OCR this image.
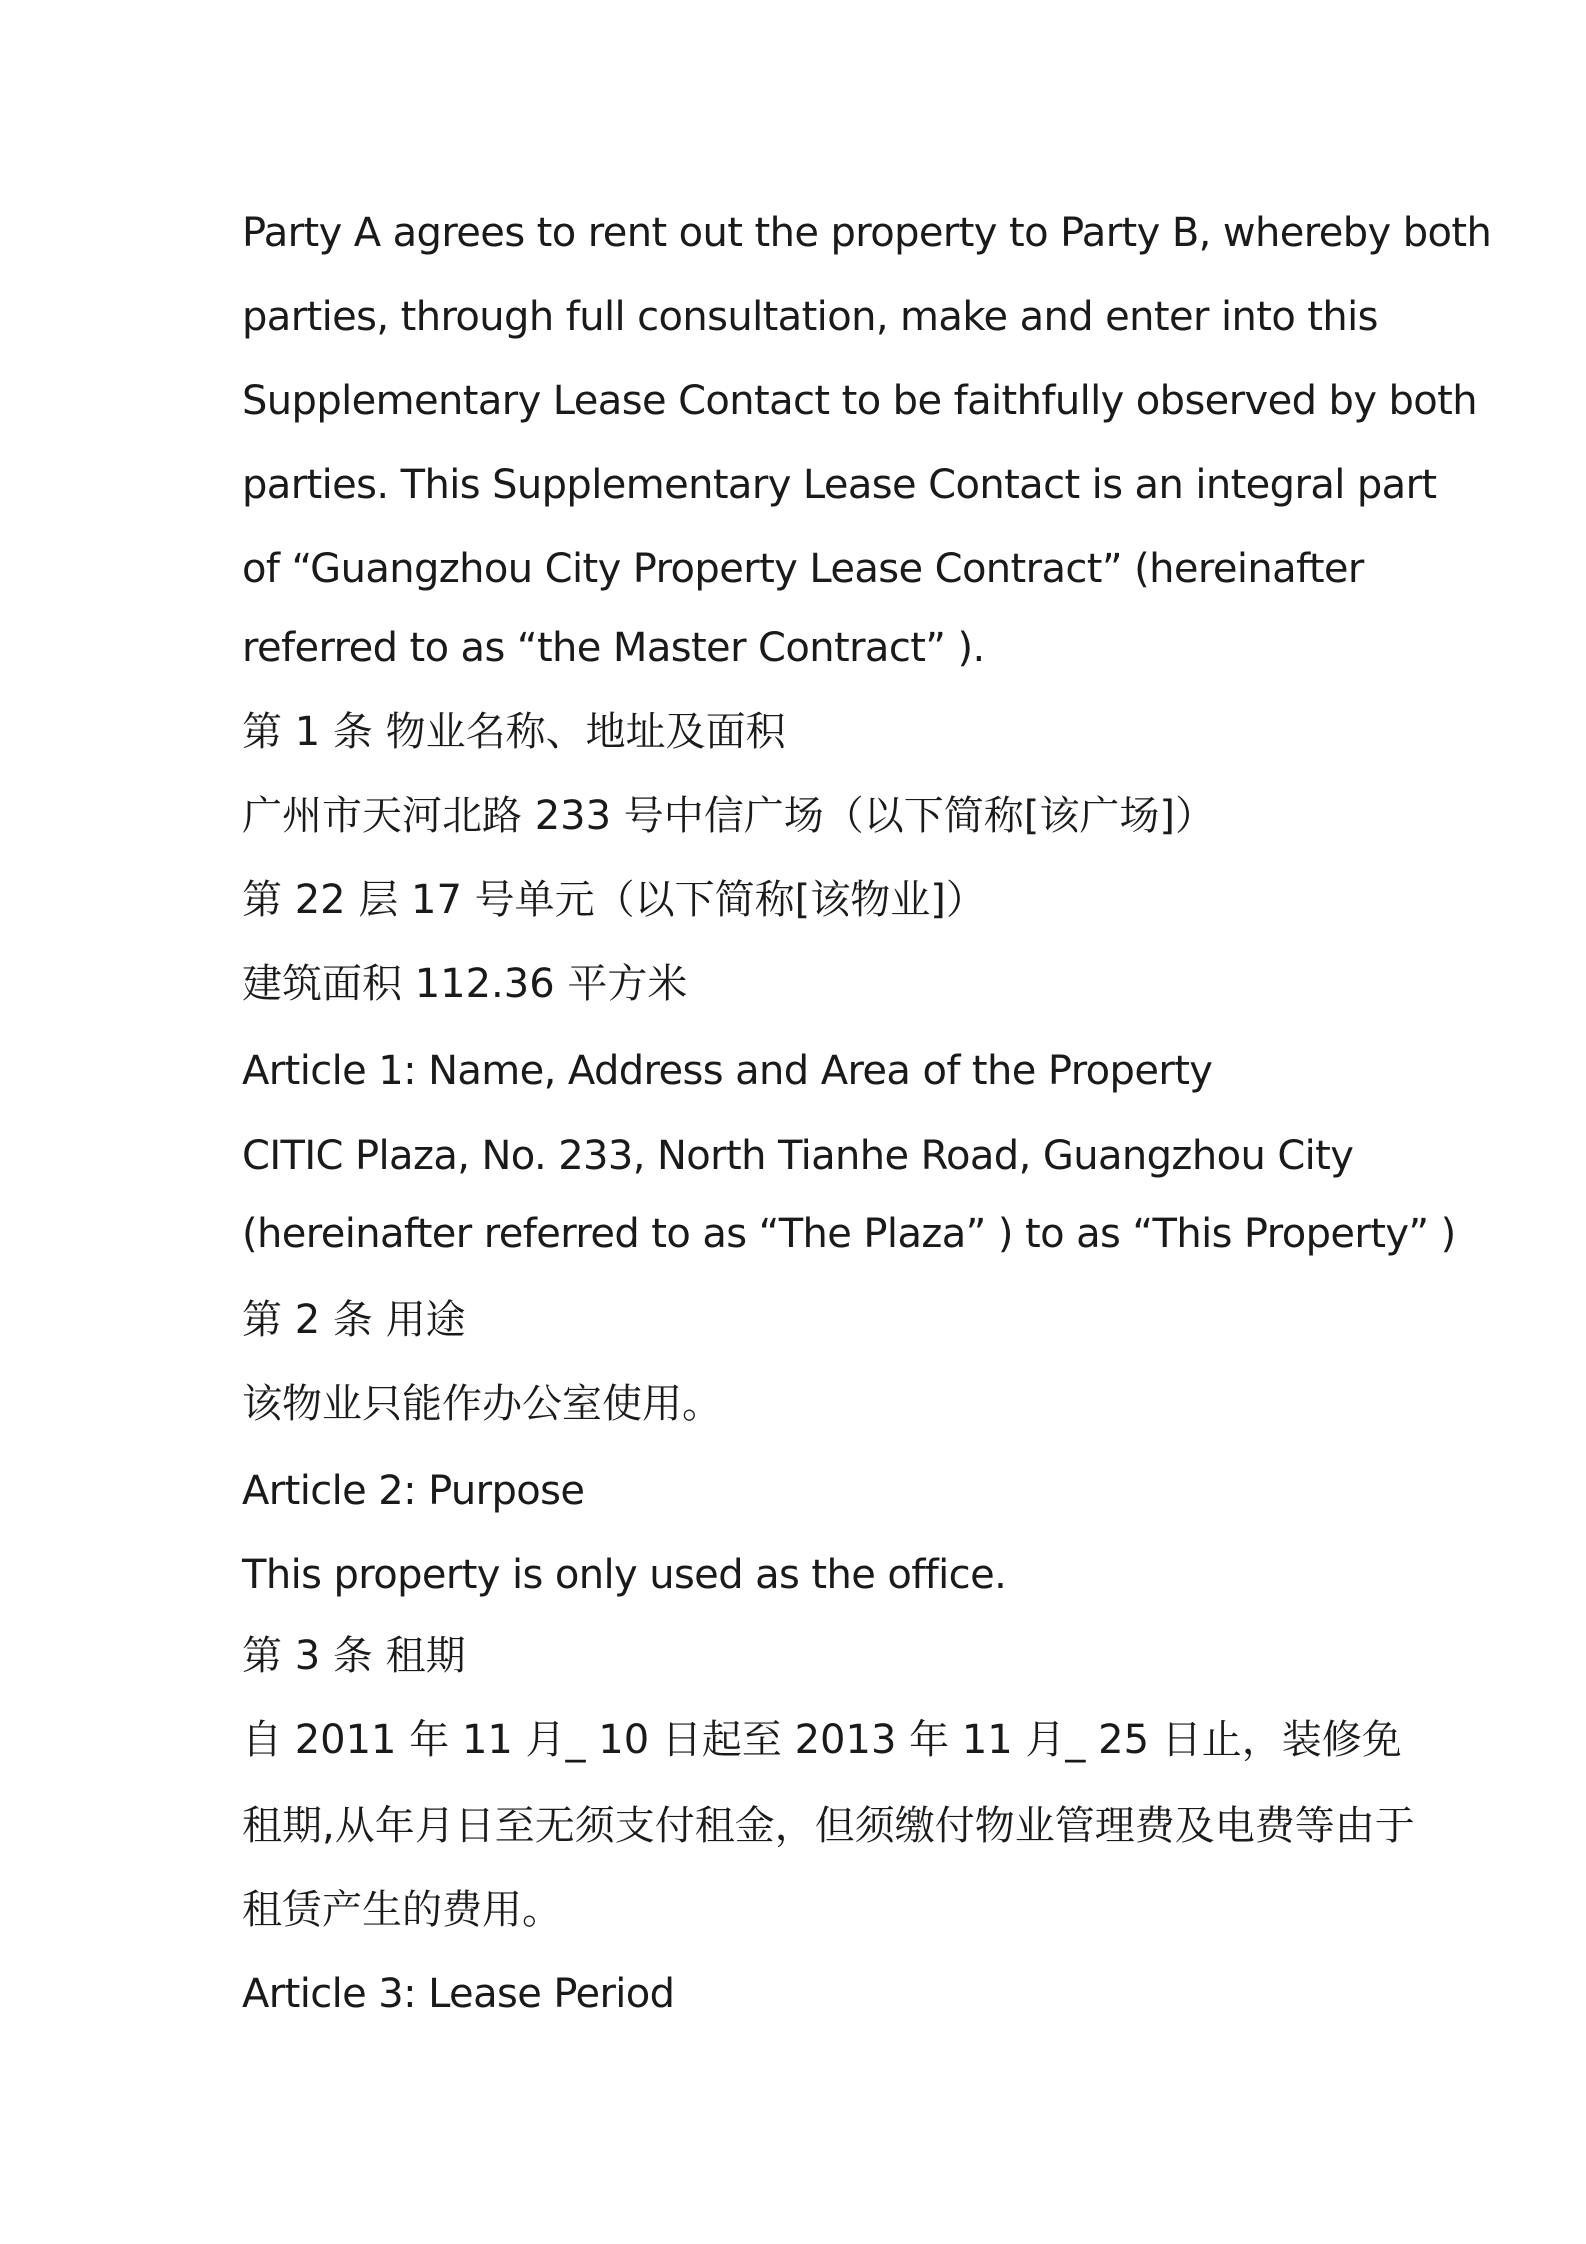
Party A agrees to rent out the property to Party B, whereby both
parties, through full consultation, make and enter into this
Supplementary Lease Contact to be faithfully observed by both
parties. This Supplementary Lease Contact is an integral part
of “Guangzhou City Property Lease Contract” (hereinafter
referred to as “the Master Contract” ).
第 1 条 物业名称、地址及面积
广州市天河北路 233 号中信广场（以下简称[该广场]）
第 22 层 17 号单元（以下简称[该物业]）
建筑面积 112.36 平方米
Article 1: Name, Address and Area of the Property
CITIC Plaza, No. 233, North Tianhe Road, Guangzhou City
(hereinafter referred to as “The Plaza” ) to as “This Property” )
第 2 条 用途
该物业只能作办公室使用。
Article 2: Purpose
This property is only used as the office.
第 3 条 租期
自 2011 年 11 月_ 10 日起至 2013 年 11 月_ 25 日止，装修免
租期,从年月日至无须支付租金，但须缴付物业管理费及电费等由于
租赁产生的费用。
Article 3: Lease Period
